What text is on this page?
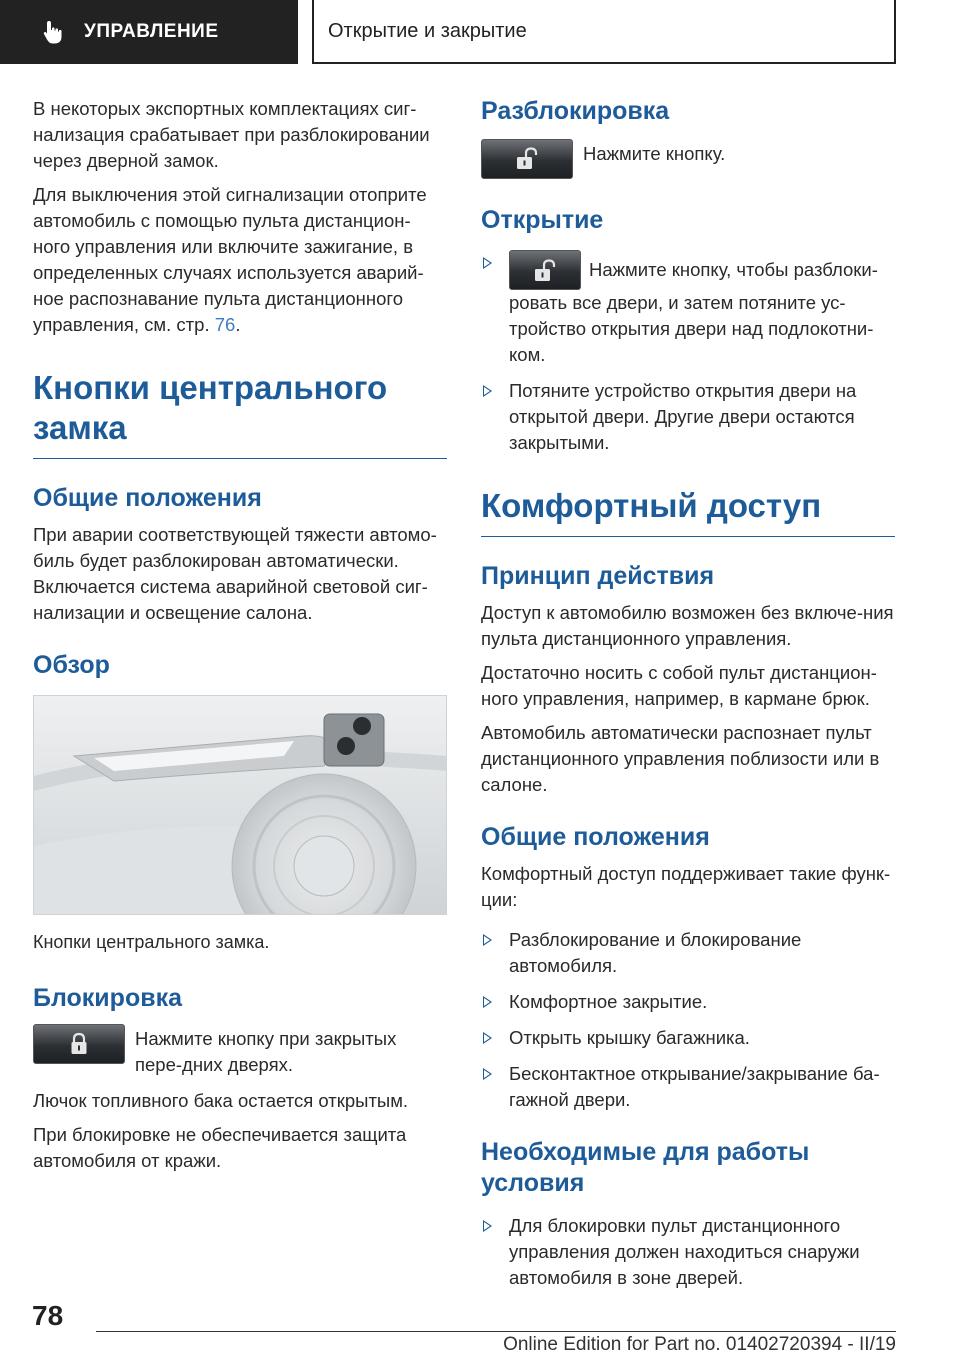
УПРАВЛЕНИЕ	Открытие и закрытие

В некоторых экспортных комплектациях сиг-нализация срабатывает при разблокировании через дверной замок.

Для выключения этой сигнализации отоприте автомобиль с помощью пульта дистанцион-ного управления или включите зажигание, в определенных случаях используется аварий-ное распознавание пульта дистанционного управления, см. стр. 76.

Кнопки центрального замка
Общие положения

При аварии соответствующей тяжести автомо-биль будет разблокирован автоматически. Включается система аварийной световой сиг-нализации и освещение салона.

Обзор

Кнопки центрального замка.

Блокировка
Нажмите кнопку при закрытых пере-дних дверях.

Лючок топливного бака остается открытым.

При блокировке не обеспечивается защита автомобиля от кражи.

Разблокировка
Нажмите кнопку.
Открытие
Нажмите кнопку, чтобы разблоки-ровать все двери, и затем потяните ус-тройство открытия двери над подлокотни-ком.
Потяните устройство открытия двери на открытой двери. Другие двери остаются закрытыми.
Комфортный доступ
Принцип действия

Доступ к автомобилю возможен без включе-ния пульта дистанционного управления.

Достаточно носить с собой пульт дистанцион-ного управления, например, в кармане брюк.

Автомобиль автоматически распознает пульт дистанционного управления поблизости или в салоне.

Общие положения

Комфортный доступ поддерживает такие функ-ции:

Разблокирование и блокирование автомобиля.
Комфортное закрытие.
Открыть крышку багажника.
Бесконтактное открывание/закрывание ба-гажной двери.
Необходимые для работы условия
Для блокировки пульт дистанционного управления должен находиться снаружи автомобиля в зоне дверей.
78
Online Edition for Part no. 01402720394 - II/19
